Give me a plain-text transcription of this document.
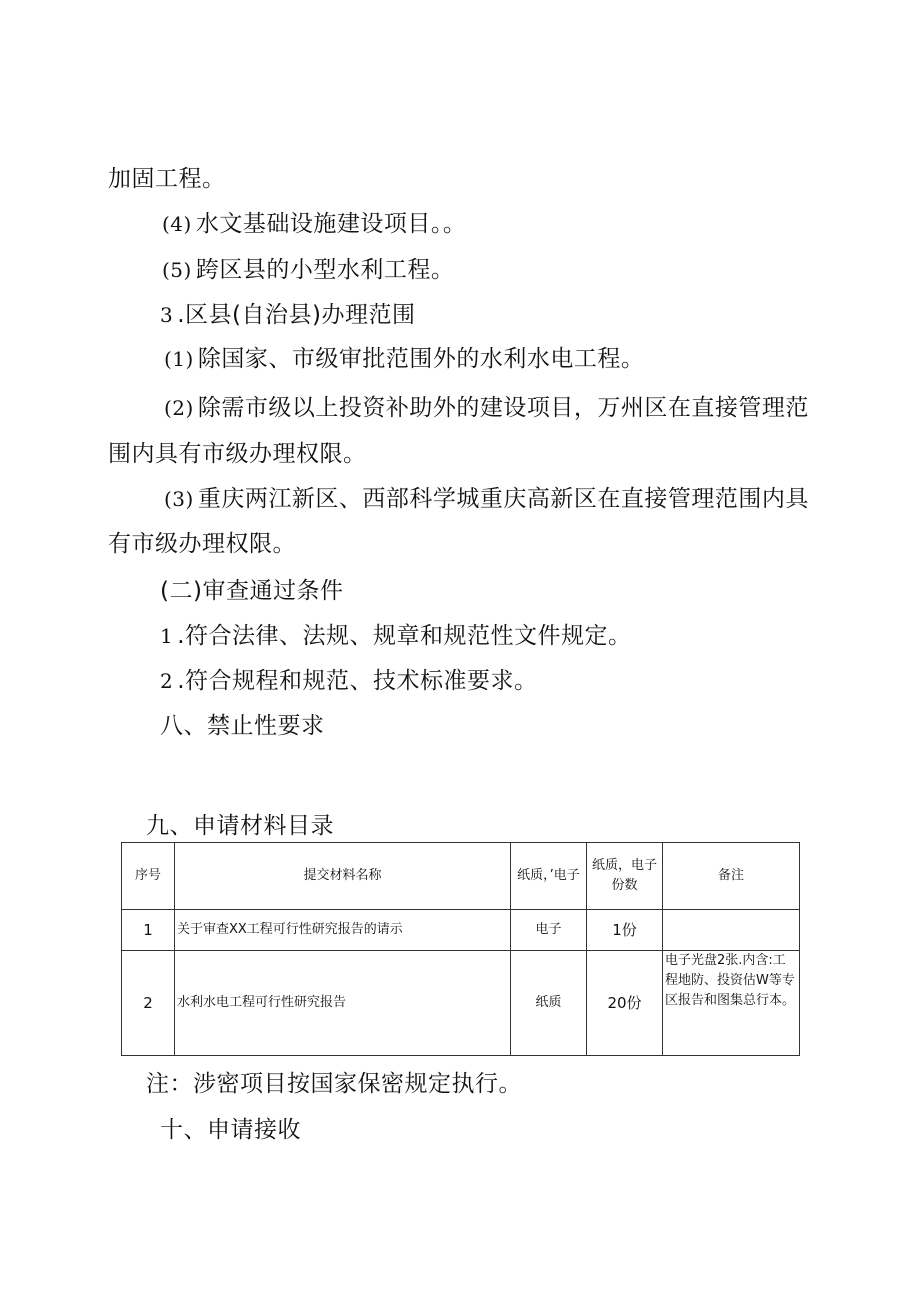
加固工程。
(4) 水文基础设施建设项目。。
(5) 跨区县的小型水利工程。
3 .区县(自治县)办理范围
(1) 除国家、市级审批范围外的水利水电工程。
(2) 除需市级以上投资补助外的建设项目，万州区在直接管理范
围内具有市级办理权限。
(3) 重庆两江新区、西部科学城重庆高新区在直接管理范围内具
有市级办理权限。
(二)审查通过条件
1 .符合法律、法规、规章和规范性文件规定。
2 .符合规程和规范、技术标准要求。
八、禁止性要求
九、申请材料目录
序号	提交材料名称	纸质，’电子	纸质，电子份数	备注
1	关于审查XX工程可行性研究报告的请示	电子	1份	
2	水利水电工程可行性研究报告	纸质	20份	电子光盘2张.内含:工程地防、投资估W等专区报告和图集总行本。
注：涉密项目按国家保密规定执行。
十、申请接收
